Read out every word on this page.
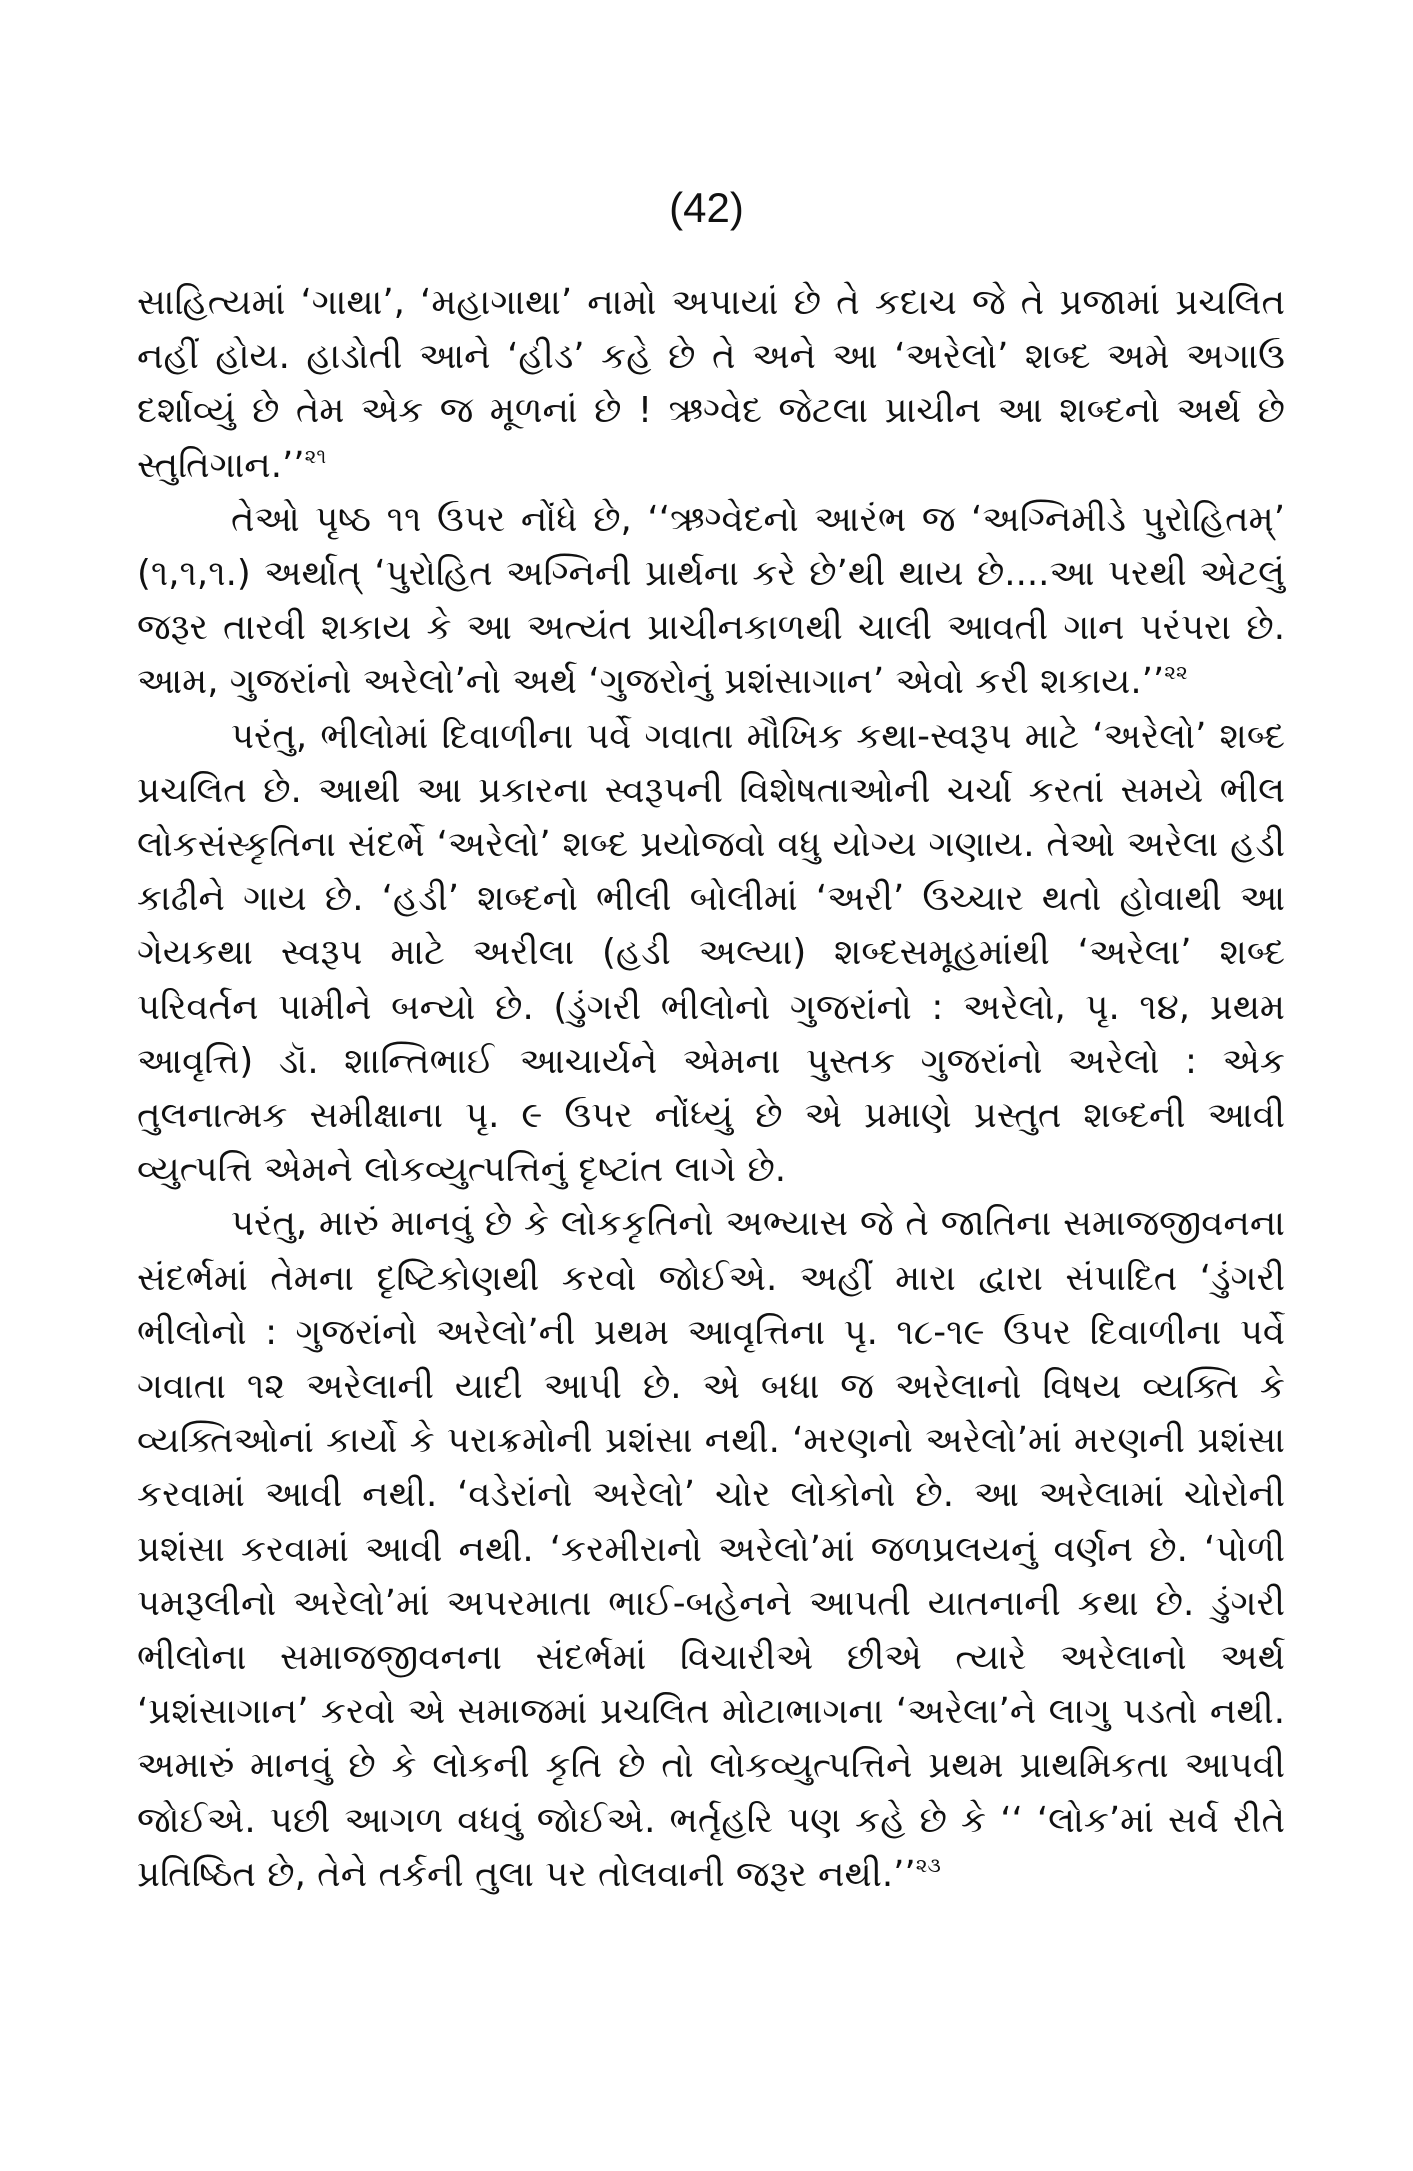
(42)

સાહિત્યમાં ‘ગાથા’, ‘મહાગાથા’ નામો અપાયાં છે તે કદાચ જે તે પ્રજામાં પ્રચલિત નહીં હોય. હાડોતી આને ‘હીડ’ કહે છે તે અને આ ‘અરેલો’ શબ્દ અમે અગાઉ દર્શાવ્યું છે તેમ એક જ મૂળનાં છે ! ઋગ્વેદ જેટલા પ્રાચીન આ શબ્દનો અર્થ છે સ્તુતિગાન.’’$^{૨૧}$

તેઓ પૃષ્ઠ ૧૧ ઉપર નોંધે છે, ‘‘ઋગ્વેદનો આરંભ જ ‘અગ્નિમીડે પુરોહિતમ્’ (૧,૧,૧.) અર્થાત્ ‘પુરોહિત અગ્નિની પ્રાર્થના કરે છે’થી થાય છે....આ પરથી એટલું જરૂર તારવી શકાય કે આ અત્યંત પ્રાચીનકાળથી ચાલી આવતી ગાન પરંપરા છે. આમ, ગુજરાંનો અરેલો’નો અર્થ ‘ગુજરોનું પ્રશંસાગાન’ એવો કરી શકાય.’’$^{૨૨}$

પરંતુ, ભીલોમાં દિવાળીના પર્વે ગવાતા મૌખિક કથા-સ્વરૂપ માટે ‘અરેલો’ શબ્દ પ્રચલિત છે. આથી આ પ્રકારના સ્વરૂપની વિશેષતાઓની ચર્ચા કરતાં સમયે ભીલ લોકસંસ્કૃતિના સંદર્ભે ‘અરેલો’ શબ્દ પ્રયોજવો વધુ યોગ્ય ગણાય. તેઓ અરેલા હડી કાઢીને ગાય છે. ‘હડી’ શબ્દનો ભીલી બોલીમાં ‘અરી’ ઉચ્ચાર થતો હોવાથી આ ગેયકથા સ્વરૂપ માટે અરીલા (હડી અલ્યા) શબ્દસમૂહમાંથી ‘અરેલા’ શબ્દ પરિવર્તન પામીને બન્યો છે. (ડુંગરી ભીલોનો ગુજરાંનો : અરેલો, પૃ. ૧૪, પ્રથમ આવૃત્તિ) ડૉ. શાન્તિભાઈ આચાર્યને એમના પુસ્તક ગુજરાંનો અરેલો : એક તુલનાત્મક સમીક્ષાના પૃ. ૯ ઉપર નોંધ્યું છે એ પ્રમાણે પ્રસ્તુત શબ્દની આવી વ્યુત્પત્તિ એમને લોકવ્યુત્પત્તિનું દૃષ્ટાંત લાગે છે.

પરંતુ, મારું માનવું છે કે લોકકૃતિનો અભ્યાસ જે તે જાતિના સમાજજીવનના સંદર્ભમાં તેમના દૃષ્ટિકોણથી કરવો જોઈએ. અહીં મારા દ્વારા સંપાદિત ‘ડુંગરી ભીલોનો : ગુજરાંનો અરેલો’ની પ્રથમ આવૃત્તિના પૃ. ૧૮-૧૯ ઉપર દિવાળીના પર્વે ગવાતા ૧૨ અરેલાની યાદી આપી છે. એ બધા જ અરેલાનો વિષય વ્યક્તિ કે વ્યક્તિઓનાં કાર્યો કે પરાક્રમોની પ્રશંસા નથી. ‘મરણનો અરેલો’માં મરણની પ્રશંસા કરવામાં આવી નથી. ‘વડેરાંનો અરેલો’ ચોર લોકોનો છે. આ અરેલામાં ચોરોની પ્રશંસા કરવામાં આવી નથી. ‘કરમીરાનો અરેલો’માં જળપ્રલયનું વર્ણન છે. ‘પોળી પમરૂલીનો અરેલો’માં અપરમાતા ભાઈ-બહેનને આપતી યાતનાની કથા છે. ડુંગરી ભીલોના સમાજજીવનના સંદર્ભમાં વિચારીએ છીએ ત્યારે અરેલાનો અર્થ ‘પ્રશંસાગાન’ કરવો એ સમાજમાં પ્રચલિત મોટાભાગના ‘અરેલા’ને લાગુ પડતો નથી. અમારું માનવું છે કે લોકની કૃતિ છે તો લોકવ્યુત્પત્તિને પ્રથમ પ્રાથમિકતા આપવી જોઈએ. પછી આગળ વધવું જોઈએ. ભર્તૃહરિ પણ કહે છે કે ‘‘ ‘લોક’માં સર્વ રીતે પ્રતિષ્ઠિત છે, તેને તર્કની તુલા પર તોલવાની જરૂર નથી.’’$^{૨૩}$
